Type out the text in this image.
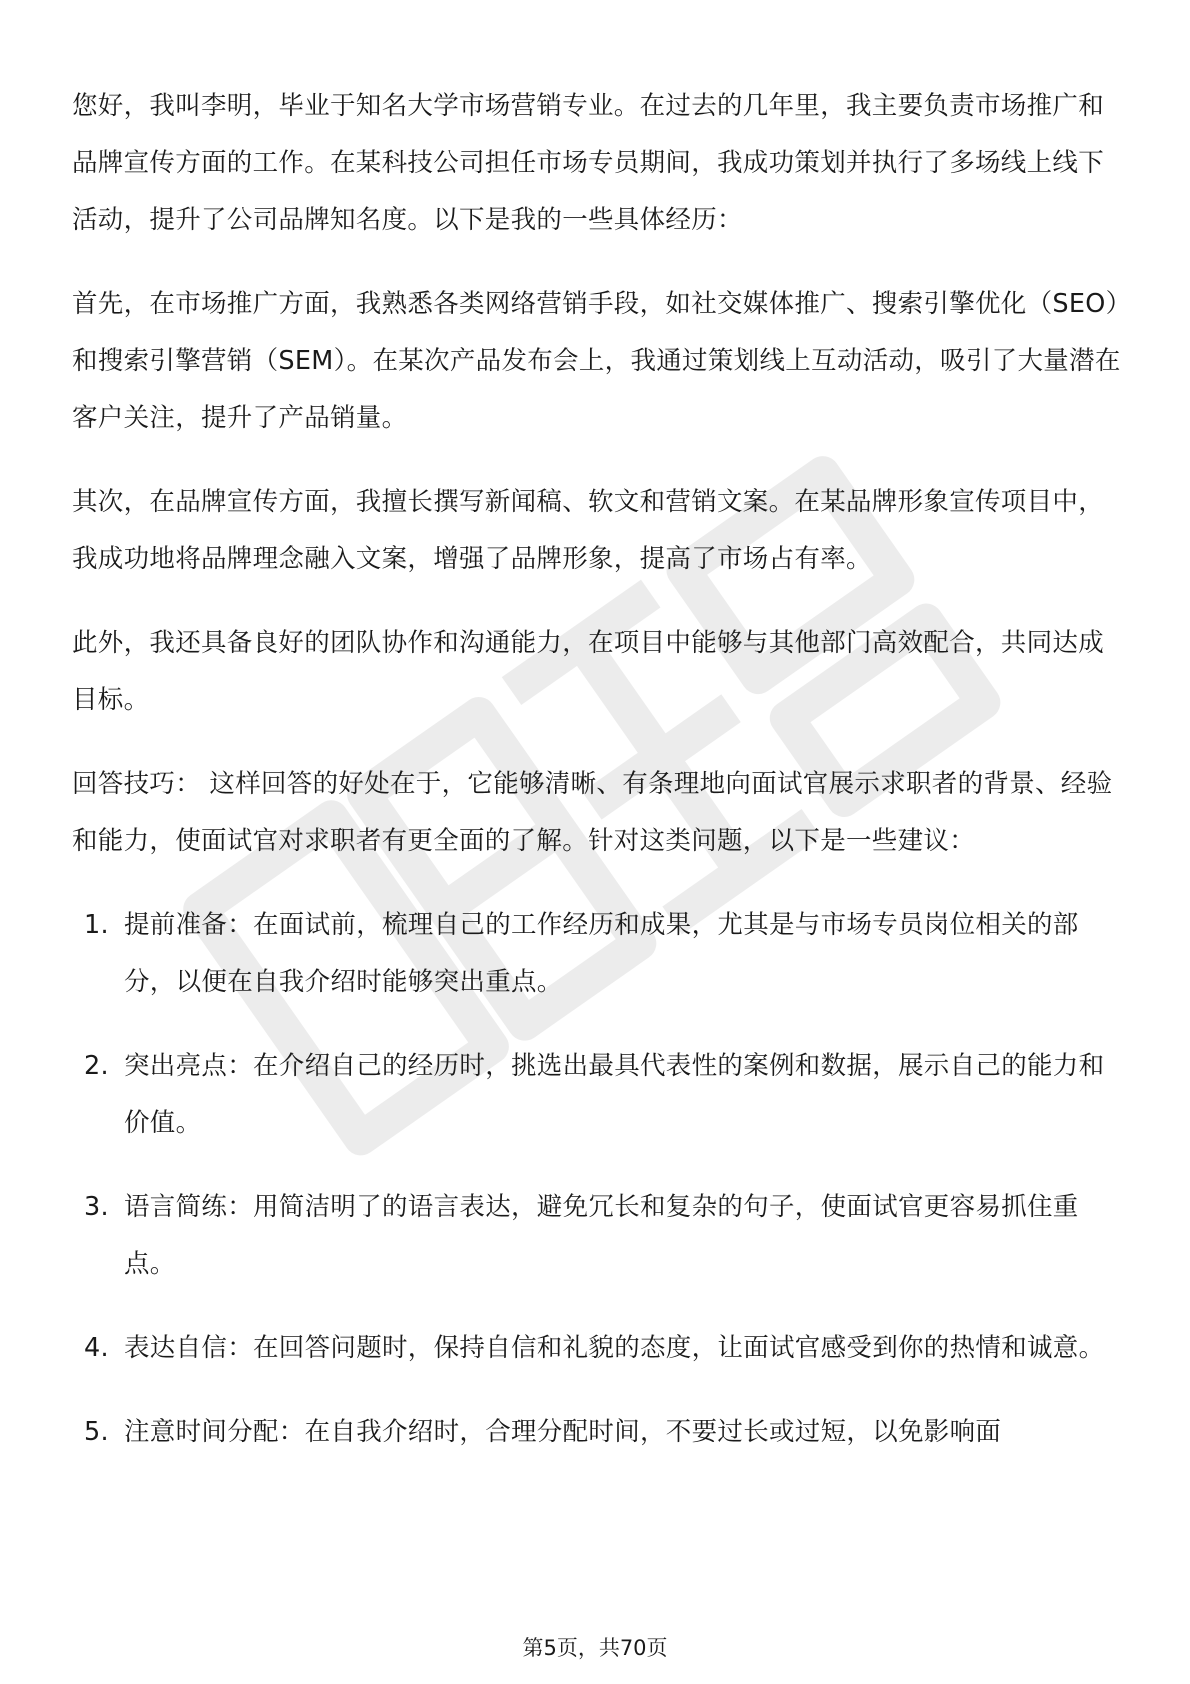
您好，我叫李明，毕业于知名大学市场营销专业。在过去的几年里，我主要负责市场推广和品牌宣传方面的工作。在某科技公司担任市场专员期间，我成功策划并执行了多场线上线下活动，提升了公司品牌知名度。以下是我的一些具体经历：

首先，在市场推广方面，我熟悉各类网络营销手段，如社交媒体推广、搜索引擎优化（SEO）和搜索引擎营销（SEM）。在某次产品发布会上，我通过策划线上互动活动，吸引了大量潜在客户关注，提升了产品销量。

其次，在品牌宣传方面，我擅长撰写新闻稿、软文和营销文案。在某品牌形象宣传项目中，我成功地将品牌理念融入文案，增强了品牌形象，提高了市场占有率。

此外，我还具备良好的团队协作和沟通能力，在项目中能够与其他部门高效配合，共同达成目标。

回答技巧： 这样回答的好处在于，它能够清晰、有条理地向面试官展示求职者的背景、经验和能力，使面试官对求职者有更全面的了解。针对这类问题，以下是一些建议：

1. 提前准备：在面试前，梳理自己的工作经历和成果，尤其是与市场专员岗位相关的部分，以便在自我介绍时能够突出重点。
2. 突出亮点：在介绍自己的经历时，挑选出最具代表性的案例和数据，展示自己的能力和价值。
3. 语言简练：用简洁明了的语言表达，避免冗长和复杂的句子，使面试官更容易抓住重点。
4. 表达自信：在回答问题时，保持自信和礼貌的态度，让面试官感受到你的热情和诚意。
5. 注意时间分配：在自我介绍时，合理分配时间，不要过长或过短，以免影响面
第5页，共70页
